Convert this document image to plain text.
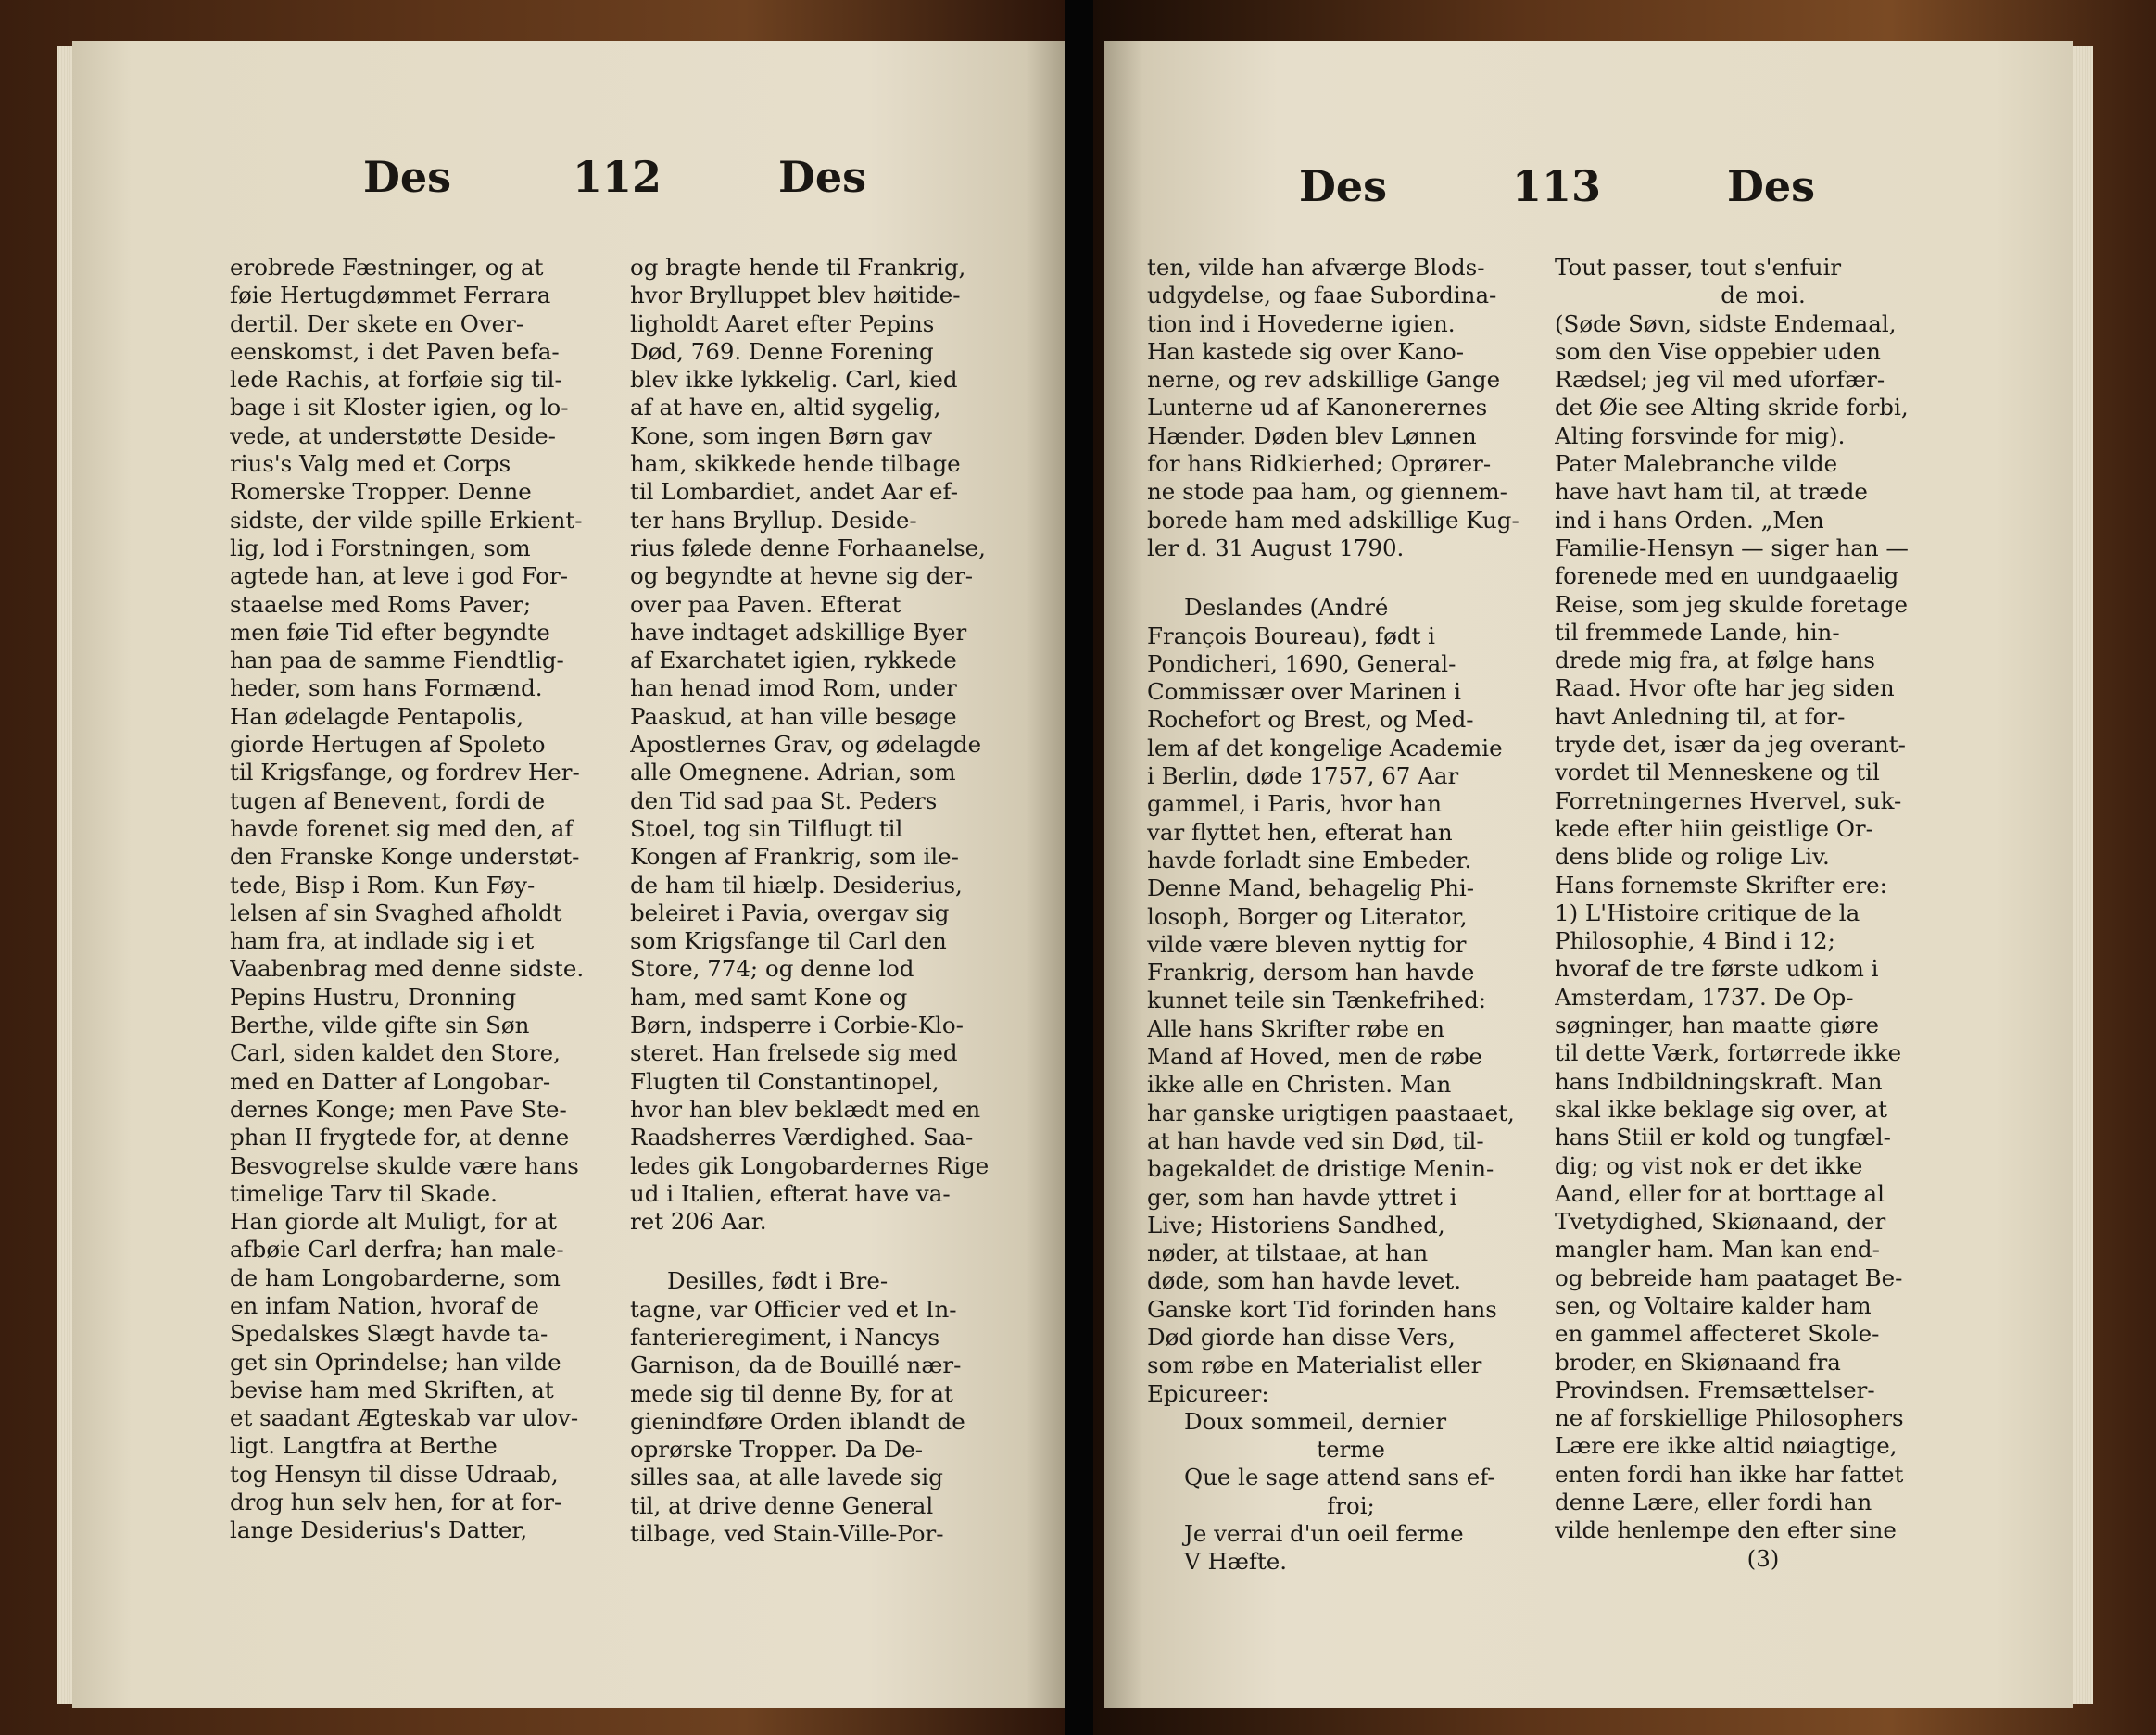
Des	112	Des
erobrede Fæstninger, og at
føie Hertugdømmet Ferrara
dertil. Der skete en Over-
eenskomst, i det Paven befa-
lede Rachis, at forføie sig til-
bage i sit Kloster igien, og lo-
vede, at understøtte Deside-
rius's Valg med et Corps
Romerske Tropper. Denne
sidste, der vilde spille Erkient-
lig, lod i Forstningen, som
agtede han, at leve i god For-
staaelse med Roms Paver;
men føie Tid efter begyndte
han paa de samme Fiendtlig-
heder, som hans Formænd.
Han ødelagde Pentapolis,
giorde Hertugen af Spoleto
til Krigsfange, og fordrev Her-
tugen af Benevent, fordi de
havde forenet sig med den, af
den Franske Konge understøt-
tede, Bisp i Rom. Kun Føy-
lelsen af sin Svaghed afholdt
ham fra, at indlade sig i et
Vaabenbrag med denne sidste.
Pepins Hustru, Dronning
Berthe, vilde gifte sin Søn
Carl, siden kaldet den Store,
med en Datter af Longobar-
dernes Konge; men Pave Ste-
phan II frygtede for, at denne
Besvogrelse skulde være hans
timelige Tarv til Skade.
Han giorde alt Muligt, for at
afbøie Carl derfra; han male-
de ham Longobarderne, som
en infam Nation, hvoraf de
Spedalskes Slægt havde ta-
get sin Oprindelse; han vilde
bevise ham med Skriften, at
et saadant Ægteskab var ulov-
ligt. Langtfra at Berthe
tog Hensyn til disse Udraab,
drog hun selv hen, for at for-
lange Desiderius's Datter,
og bragte hende til Frankrig,
hvor Brylluppet blev høitide-
ligholdt Aaret efter Pepins
Død, 769. Denne Forening
blev ikke lykkelig. Carl, kied
af at have en, altid sygelig,
Kone, som ingen Børn gav
ham, skikkede hende tilbage
til Lombardiet, andet Aar ef-
ter hans Bryllup. Deside-
rius følede denne Forhaanelse,
og begyndte at hevne sig der-
over paa Paven. Efterat
have indtaget adskillige Byer
af Exarchatet igien, rykkede
han henad imod Rom, under
Paaskud, at han ville besøge
Apostlernes Grav, og ødelagde
alle Omegnene. Adrian, som
den Tid sad paa St. Peders
Stoel, tog sin Tilflugt til
Kongen af Frankrig, som ile-
de ham til hiælp. Desiderius,
beleiret i Pavia, overgav sig
som Krigsfange til Carl den
Store, 774; og denne lod
ham, med samt Kone og
Børn, indsperre i Corbie-Klo-
steret. Han frelsede sig med
Flugten til Constantinopel,
hvor han blev beklædt med en
Raadsherres Værdighed. Saa-
ledes gik Longobardernes Rige
ud i Italien, efterat have va-
ret 206 Aar.
Desilles, født i Bre-
tagne, var Officier ved et In-
fanterieregiment, i Nancys
Garnison, da de Bouillé nær-
mede sig til denne By, for at
gienindføre Orden iblandt de
oprørske Tropper. Da De-
silles saa, at alle lavede sig
til, at drive denne General
tilbage, ved Stain-Ville-Por-
Des	113	Des
ten, vilde han afværge Blods-
udgydelse, og faae Subordina-
tion ind i Hovederne igien.
Han kastede sig over Kano-
nerne, og rev adskillige Gange
Lunterne ud af Kanonerernes
Hænder. Døden blev Lønnen
for hans Ridkierhed; Oprører-
ne stode paa ham, og giennem-
borede ham med adskillige Kug-
ler d. 31 August 1790.
Deslandes (André
François Boureau), født i
Pondicheri, 1690, General-
Commissær over Marinen i
Rochefort og Brest, og Med-
lem af det kongelige Academie
i Berlin, døde 1757, 67 Aar
gammel, i Paris, hvor han
var flyttet hen, efterat han
havde forladt sine Embeder.
Denne Mand, behagelig Phi-
losoph, Borger og Literator,
vilde være bleven nyttig for
Frankrig, dersom han havde
kunnet teile sin Tænkefrihed:
Alle hans Skrifter røbe en
Mand af Hoved, men de røbe
ikke alle en Christen. Man
har ganske urigtigen paastaaet,
at han havde ved sin Død, til-
bagekaldet de dristige Menin-
ger, som han havde yttret i
Live; Historiens Sandhed,
nøder, at tilstaae, at han
døde, som han havde levet.
Ganske kort Tid forinden hans
Død giorde han disse Vers,
som røbe en Materialist eller
Epicureer:
Doux sommeil, dernier
terme
Que le sage attend sans ef-
froi;
Je verrai d'un oeil ferme
V Hæfte.
Tout passer, tout s'enfuir
de moi.
(Søde Søvn, sidste Endemaal,
som den Vise oppebier uden
Rædsel; jeg vil med uforfær-
det Øie see Alting skride forbi,
Alting forsvinde for mig).
Pater Malebranche vilde
have havt ham til, at træde
ind i hans Orden. „Men
Familie-Hensyn — siger han —
forenede med en uundgaaelig
Reise, som jeg skulde foretage
til fremmede Lande, hin-
drede mig fra, at følge hans
Raad. Hvor ofte har jeg siden
havt Anledning til, at for-
tryde det, især da jeg overant-
vordet til Menneskene og til
Forretningernes Hvervel, suk-
kede efter hiin geistlige Or-
dens blide og rolige Liv.
Hans fornemste Skrifter ere:
1) L'Histoire critique de la
Philosophie, 4 Bind i 12;
hvoraf de tre første udkom i
Amsterdam, 1737. De Op-
søgninger, han maatte giøre
til dette Værk, fortørrede ikke
hans Indbildningskraft. Man
skal ikke beklage sig over, at
hans Stiil er kold og tungfæl-
dig; og vist nok er det ikke
Aand, eller for at borttage al
Tvetydighed, Skiønaand, der
mangler ham. Man kan end-
og bebreide ham paataget Be-
sen, og Voltaire kalder ham
en gammel affecteret Skole-
broder, en Skiønaand fra
Provindsen. Fremsættelser-
ne af forskiellige Philosophers
Lære ere ikke altid nøiagtige,
enten fordi han ikke har fattet
denne Lære, eller fordi han
vilde henlempe den efter sine
(3)
